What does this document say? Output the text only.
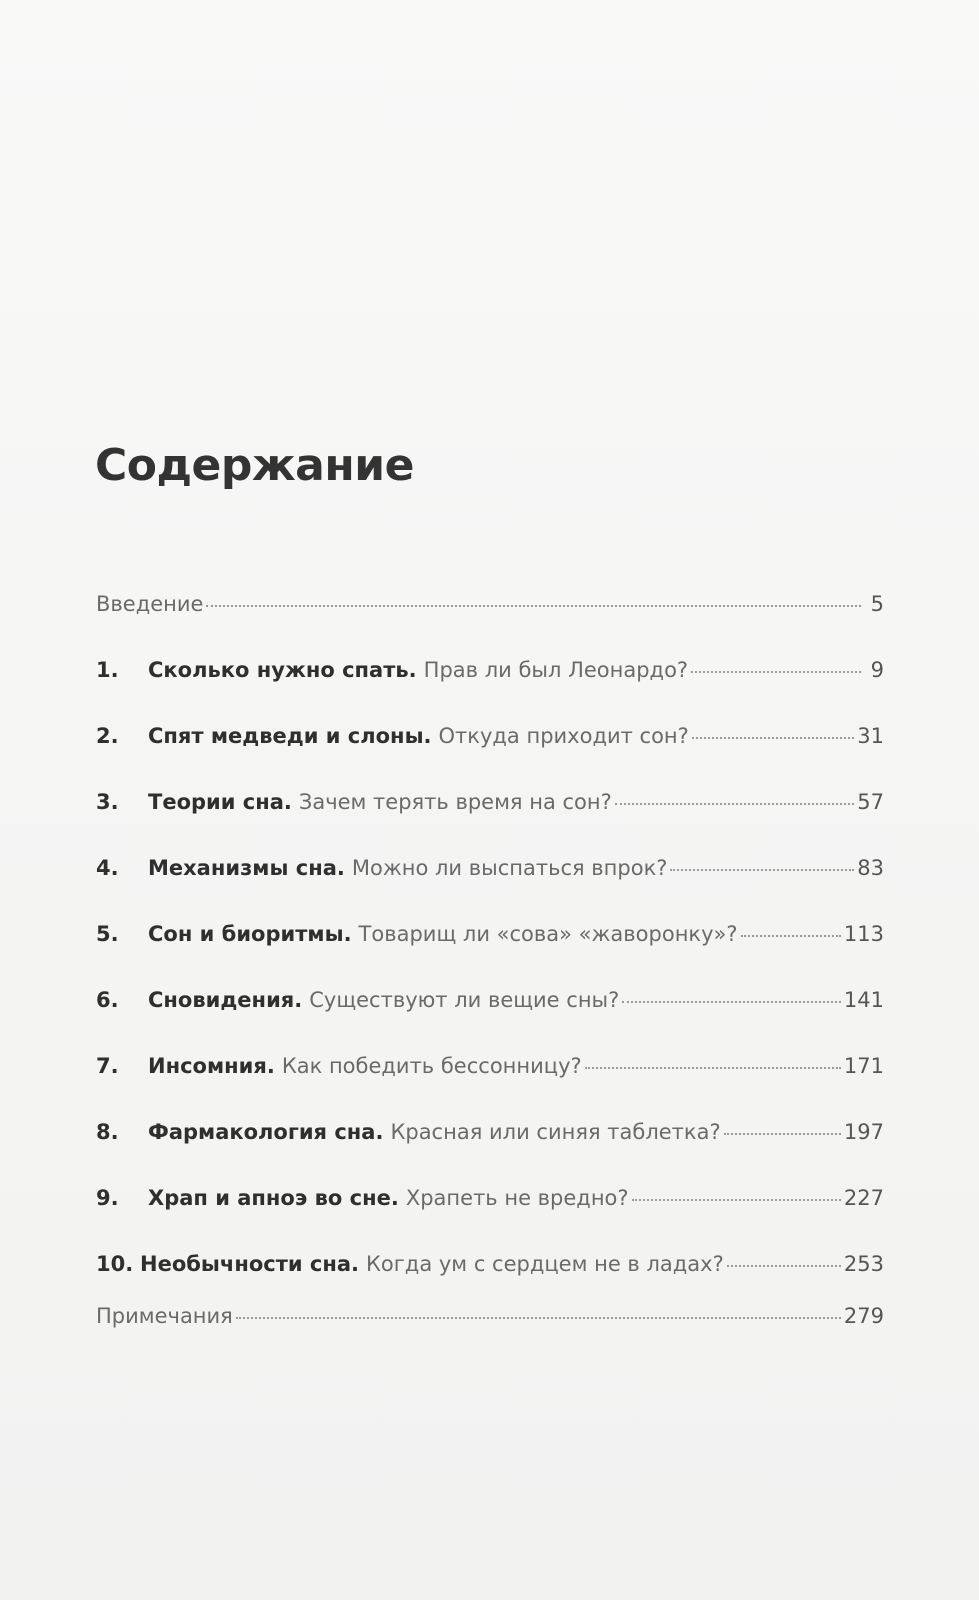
Содержание
Введение	5
1.	Сколько нужно спать. Прав ли был Леонардо?	9
2.	Спят медведи и слоны. Откуда приходит сон?	31
3.	Теории сна. Зачем терять время на сон?	57
4.	Механизмы сна. Можно ли выспаться впрок?	83
5.	Сон и биоритмы. Товарищ ли «сова» «жаворонку»?	113
6.	Сновидения. Существуют ли вещие сны?	141
7.	Инсомния. Как победить бессонницу?	171
8.	Фармакология сна. Красная или синяя таблетка?	197
9.	Храп и апноэ во сне. Храпеть не вредно?	227
10. Необычности сна. Когда ум с сердцем не в ладах?	253
Примечания	279
